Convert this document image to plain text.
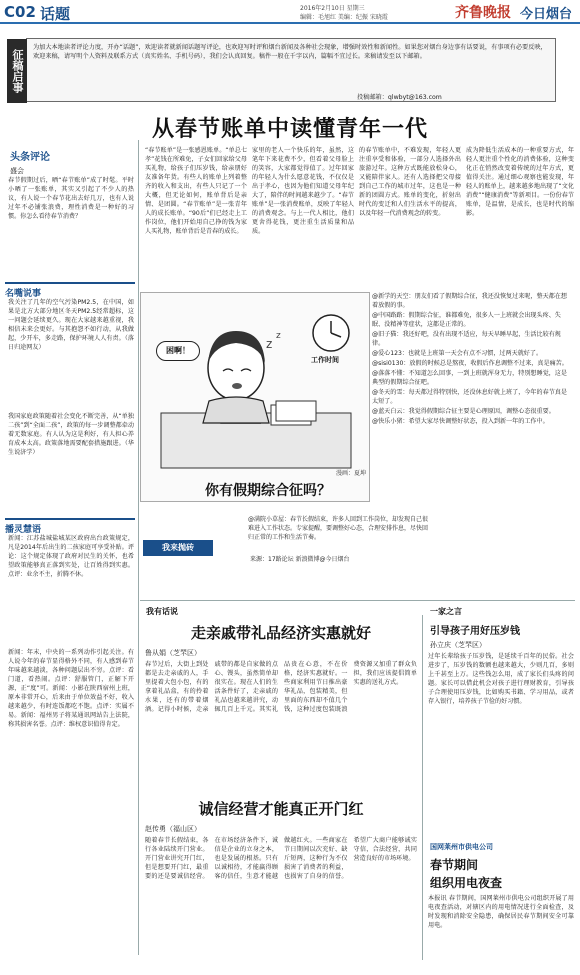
C02 话题	2016年2月10日 星期三
编辑：毛旭红 美编：纪振 宋晓霞	齐鲁晚报 今日烟台
征稿启事
为加大本地读者评论力度，开办“话题”，欢迎读者就新闻话题写评论，也欢迎写时评和烟台新闻及各种社会现象，增强时效性和新闻性。如果您对烟台身边事有话要说，有事项有必要反映，欢迎来稿，请写明个人资料及联系方式（真实姓名、手机号码），我们会认真回复。稿件一般在千字以内，篇幅不宜过长。来稿请发至以下邮箱。
投稿邮箱：qlwbyt@163.com
从春节账单中读懂青年一代
头条评论
盛会
春节假期过后，晒“春节账单”成了时髦。平时小晒了一张账单，其实又引起了不少人的热议，有人说一个春节花出去好几万，也有人说过年不必铺张浪费，理性消费是一种好的习惯。你怎么看待春节消费？
名嘴说事
我关注了几年的空气污染PM2.5，在中国，如果是北方大部分地区冬天PM2.5经常超标，这一问题会延续更久。现在大家越来越重视，我相信未来会更好。与其抱怨不如行动，从我做起，少开车，多走路，保护环境人人有责。（落日归途网友）
我国家庭政策随着社会变化不断完善，从“单独二孩”到“全面二孩”，政策的每一步调整都牵动着无数家庭。有人认为这是利好，有人担心养育成本太高。政策落地需要配套措施跟进。（华生说济学）
播灵慧语
新闻：江苏盐城盐城某区政府出台政策规定，凡是2014年后出生的二孩家庭可享受补贴。评论：这个规定体现了政府对民生的关怀，也希望政策能够真正落到实处，让百姓得到实惠。点评：业余不主，折腾不休。
新闻：年末，中央的一系列动作引起关注。有人说今年的春节显得格外不同，有人感到春节年味越来越淡，各种问题层出不穷。点评：看门道，看热闹。点评：舒服管门，正解下开源，正“度”可。新闻：小影在陕西宿州上班，原本非常开心，后来由于单位效益不好，收入越来越少，有时连饭都吃不饱。点评：实属不易。新闻：福州男子将某通讯网站告上法院，称其损害名誉。点评：维权意识值得肯定。
“春节账单”是一张感恩账单。“单总七孝”花钱在所难免，子女们回家给父母买礼物，给孩子们压岁钱，给亲朋好友准备年货。有些人的账单上列着整齐的收入和支出，有些人只记了一个大概，但无论如何，账单背后是亲情、是团圆。“春节账单”是一张青年人的成长账单。“90后”们已经走上工作岗位，他们开始用自己挣的钱为家人买礼物，账单背后是青春的成长。
家里的老人一个快乐的年，虽然，这笔年下来花费不少，但看着父母脸上的笑容，大家都觉得值了。过年回家的年轻人为什么愿意花钱，不仅仅是出于孝心，也因为他们知道父母年纪大了，陪伴的时间越来越少了。“春节账单”是一张消费账单，反映了年轻人的消费观念。与上一代人相比，他们更舍得花钱，更注重生活质量和品质。
的春节账单中，不难发现，年轻人更注重享受和体验，一部分人选择外出旅游过年。这种方式既能放松身心，又能陪伴家人。还有人选择把父母接到自己工作的城市过年，这也是一种新的团圆方式。账单的变化，折射出时代的变迁和人们生活水平的提高，以及年轻一代消费观念的转变。
成为降低生活成本的一种重要方式，年轻人更注重个性化的消费体验，这种变化正在悄然改变着传统的过年方式，更值得关注。通过细心观察也能发现，年轻人的账单上，越来越多地出现了“文化消费”“健康消费”等新项目。一份份春节账单，是温情，是成长，也是时代的缩影。
z
z
困啊！
工作时间
漫画：夏坤
你有假期综合征吗？
@满院小草屋：春节长假结束，许多人回到工作岗位，却发现自己很难进入工作状态。专家提醒，要调整好心态，合理安排作息，尽快回归正常的工作和生活节奏。
我来抛砖
来源：17路论坛 新浪微博@今日烟台

@新学的天空：朋友们看了假期综合征，我还没恢复过来呢，整天都在想着放假的事。

@中国路路：假期综合征，谁都难免，很多人一上班就会出现头疼、失眠、没精神等症状，这都是正常的。

@旧子猫：我还好吧，没有出现不适应，每天早睡早起，生活比较有规律。

@爱心123：也就是上班第一天会有点不习惯，过两天就好了。

@sisi0130：放假的时候总是熬夜，收假后作息调整不过来，真是痛苦。

@落落不懂：不知道怎么回事，一到上班就浑身无力，特别想睡觉，这是典型的假期综合征吧。

@冬天的雪：每天都过得特别快，还没休息好就上班了，今年的春节真是太短了。

@蓝天白云：我觉得假期综合征主要是心理原因，调整心态很重要。

@快乐小猪：希望大家尽快调整好状态，投入到新一年的工作中。

我有话说
走亲戚带礼品经济实惠就好
鲁从娟（芝罘区）
春节过后，大街上到处都是去走亲戚的人，手里提着大包小包，有的拿着礼品盒，有的拎着水果，还有的带着烟酒。记得小时候，走亲戚带的都是自家做的点心、馒头，虽然简单却很实在。现在人们的生活条件好了，走亲戚的礼品也越来越讲究，动辄几百上千元。其实礼品贵在心意，不在价格，经济实惠就好。一些商家利用节日推出豪华礼品，包装精美，但里面的东西却不值几个钱，这种过度包装既浪费资源又加重了群众负担，我们应该提倡简单实惠的送礼方式。
诚信经营才能真正开门红
赵传勇（福山区）
随着春节长假结束，各行各业陆续开门营业。开门营业讲究开门红，但是想要开门红，最重要的还是要诚信经营。在市场经济条件下，诚信是企业的立身之本，也是发展的根基。只有以诚相待，才能赢得顾客的信任，生意才能越做越红火。一些商家在节日期间以次充好、缺斤短两，这种行为不仅损害了消费者的利益，也损害了自身的信誉。希望广大商户能够诚实守信，合法经营，共同营造良好的市场环境。
一家之言
引导孩子用好压岁钱
孙立庆（芝罘区）
过年长辈给孩子压岁钱，是延续千百年的民俗。社会进步了，压岁钱的数额也越来越大，少则几百，多则上千甚至上万。这些钱怎么用，成了家长们头疼的问题。家长可以借此机会对孩子进行理财教育，引导孩子合理使用压岁钱，比如购买书籍、学习用品，或者存入银行，培养孩子节俭的好习惯。
国网莱州市供电公司
春节期间
组织用电夜查
本报讯 春节期间，国网莱州市供电公司组织开展了用电夜查活动，对辖区内的用电情况进行全面检查，及时发现和消除安全隐患，确保居民春节期间安全可靠用电。
